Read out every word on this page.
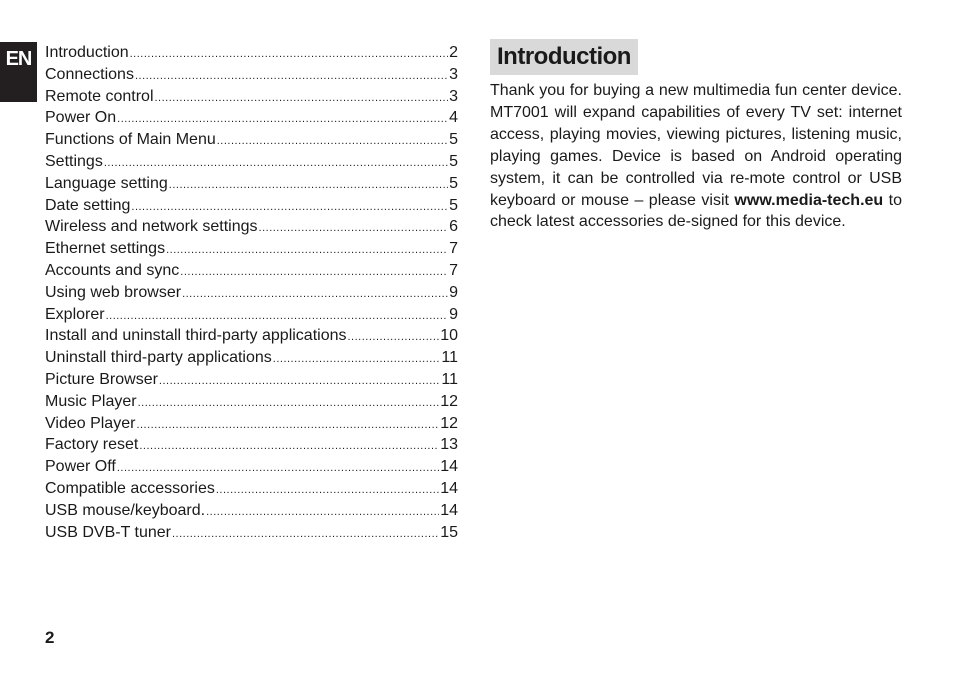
EN Introduction .....	2
Connections .....	3
Remote control .....	3
Power On .....	4
Functions of Main Menu .....	5
Settings .....	5
Language setting .....	5
Date setting .....	5
Wireless and network settings .....	6
Ethernet settings .....	7
Accounts and sync .....	7
Using web browser .....	9
Explorer .....	9
Install and uninstall third-party applications .....	10
Uninstall third-party applications .....	11
Picture Browser .....	11
Music Player .....	12
Video Player .....	12
Factory reset .....	13
Power Off .....	14
Compatible accessories .....	14
USB mouse/keyboard. .....	14
USB DVB-T tuner .....	15
Introduction

Thank you for buying a new multimedia fun center device. MT7001 will expand capabilities of every TV set: internet access, playing movies, viewing pictures, listening music, playing games. Device is based on Android operating system, it can be controlled via re-mote control or USB keyboard or mouse – please visit www.media-tech.eu to check latest accessories de-signed for this device.

2
